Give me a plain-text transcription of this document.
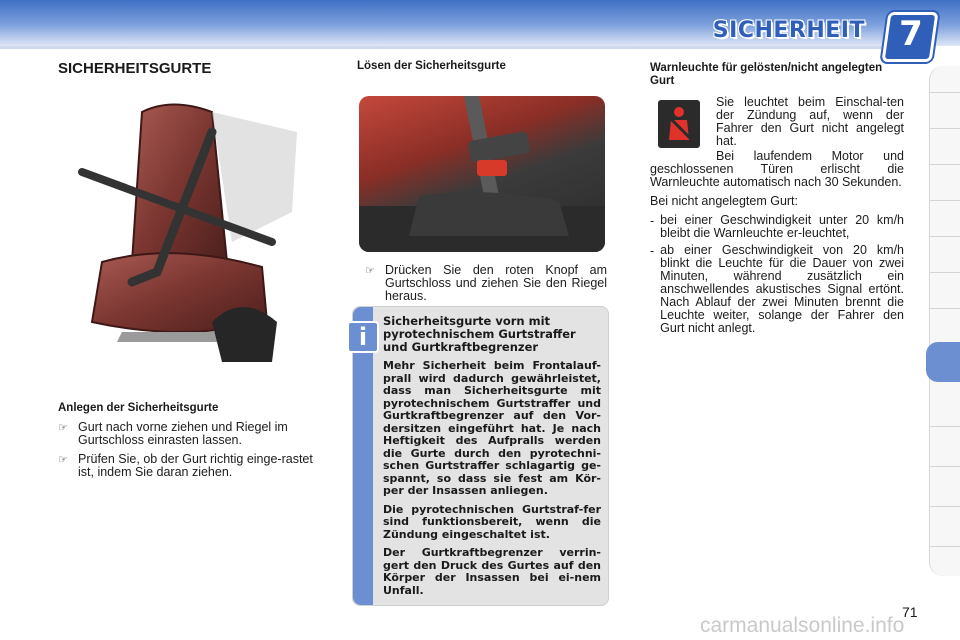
SICHERHEIT 7
SICHERHEITSGURTE
Anlegen der Sicherheitsgurte
☞ Gurt nach vorne ziehen und Riegel im Gurtschloss einrasten lassen.

☞ Prüfen Sie, ob der Gurt richtig einge-rastet ist, indem Sie daran ziehen.

Lösen der Sicherheitsgurte
☞ Drücken Sie den roten Knopf am Gurtschloss und ziehen Sie den Riegel heraus.

i
Sicherheitsgurte vorn mit pyrotechnischem Gurtstraffer und Gurtkraftbegrenzer

Mehr Sicherheit beim Frontalauf-prall wird dadurch gewährleistet, dass man Sicherheitsgurte mit pyrotechnischem Gurtstraffer und Gurtkraftbegrenzer auf den Vor-dersitzen eingeführt hat. Je nach Heftigkeit des Aufpralls werden die Gurte durch den pyrotechni-schen Gurtstraffer schlagartig ge-spannt, so dass sie fest am Kör-per der Insassen anliegen.

Die pyrotechnischen Gurtstraf-fer sind funktionsbereit, wenn die Zündung eingeschaltet ist.

Der Gurtkraftbegrenzer verrin-gert den Druck des Gurtes auf den Körper der Insassen bei ei-nem Unfall.

Warnleuchte für gelösten/nicht angelegten Gurt

Sie leuchtet beim Einschal-ten der Zündung auf, wenn der Fahrer den Gurt nicht angelegt hat.

Bei laufendem Motor und geschlossenen Türen erlischt die Warnleuchte automatisch nach 30 Sekunden.

Bei nicht angelegtem Gurt:

- bei einer Geschwindigkeit unter 20 km/h bleibt die Warnleuchte er-leuchtet,

- ab einer Geschwindigkeit von 20 km/h blinkt die Leuchte für die Dauer von zwei Minuten, während zusätzlich ein anschwellendes akustisches Signal ertönt. Nach Ablauf der zwei Minuten brennt die Leuchte weiter, solange der Fahrer den Gurt nicht anlegt.

carmanualsonline.info
71
